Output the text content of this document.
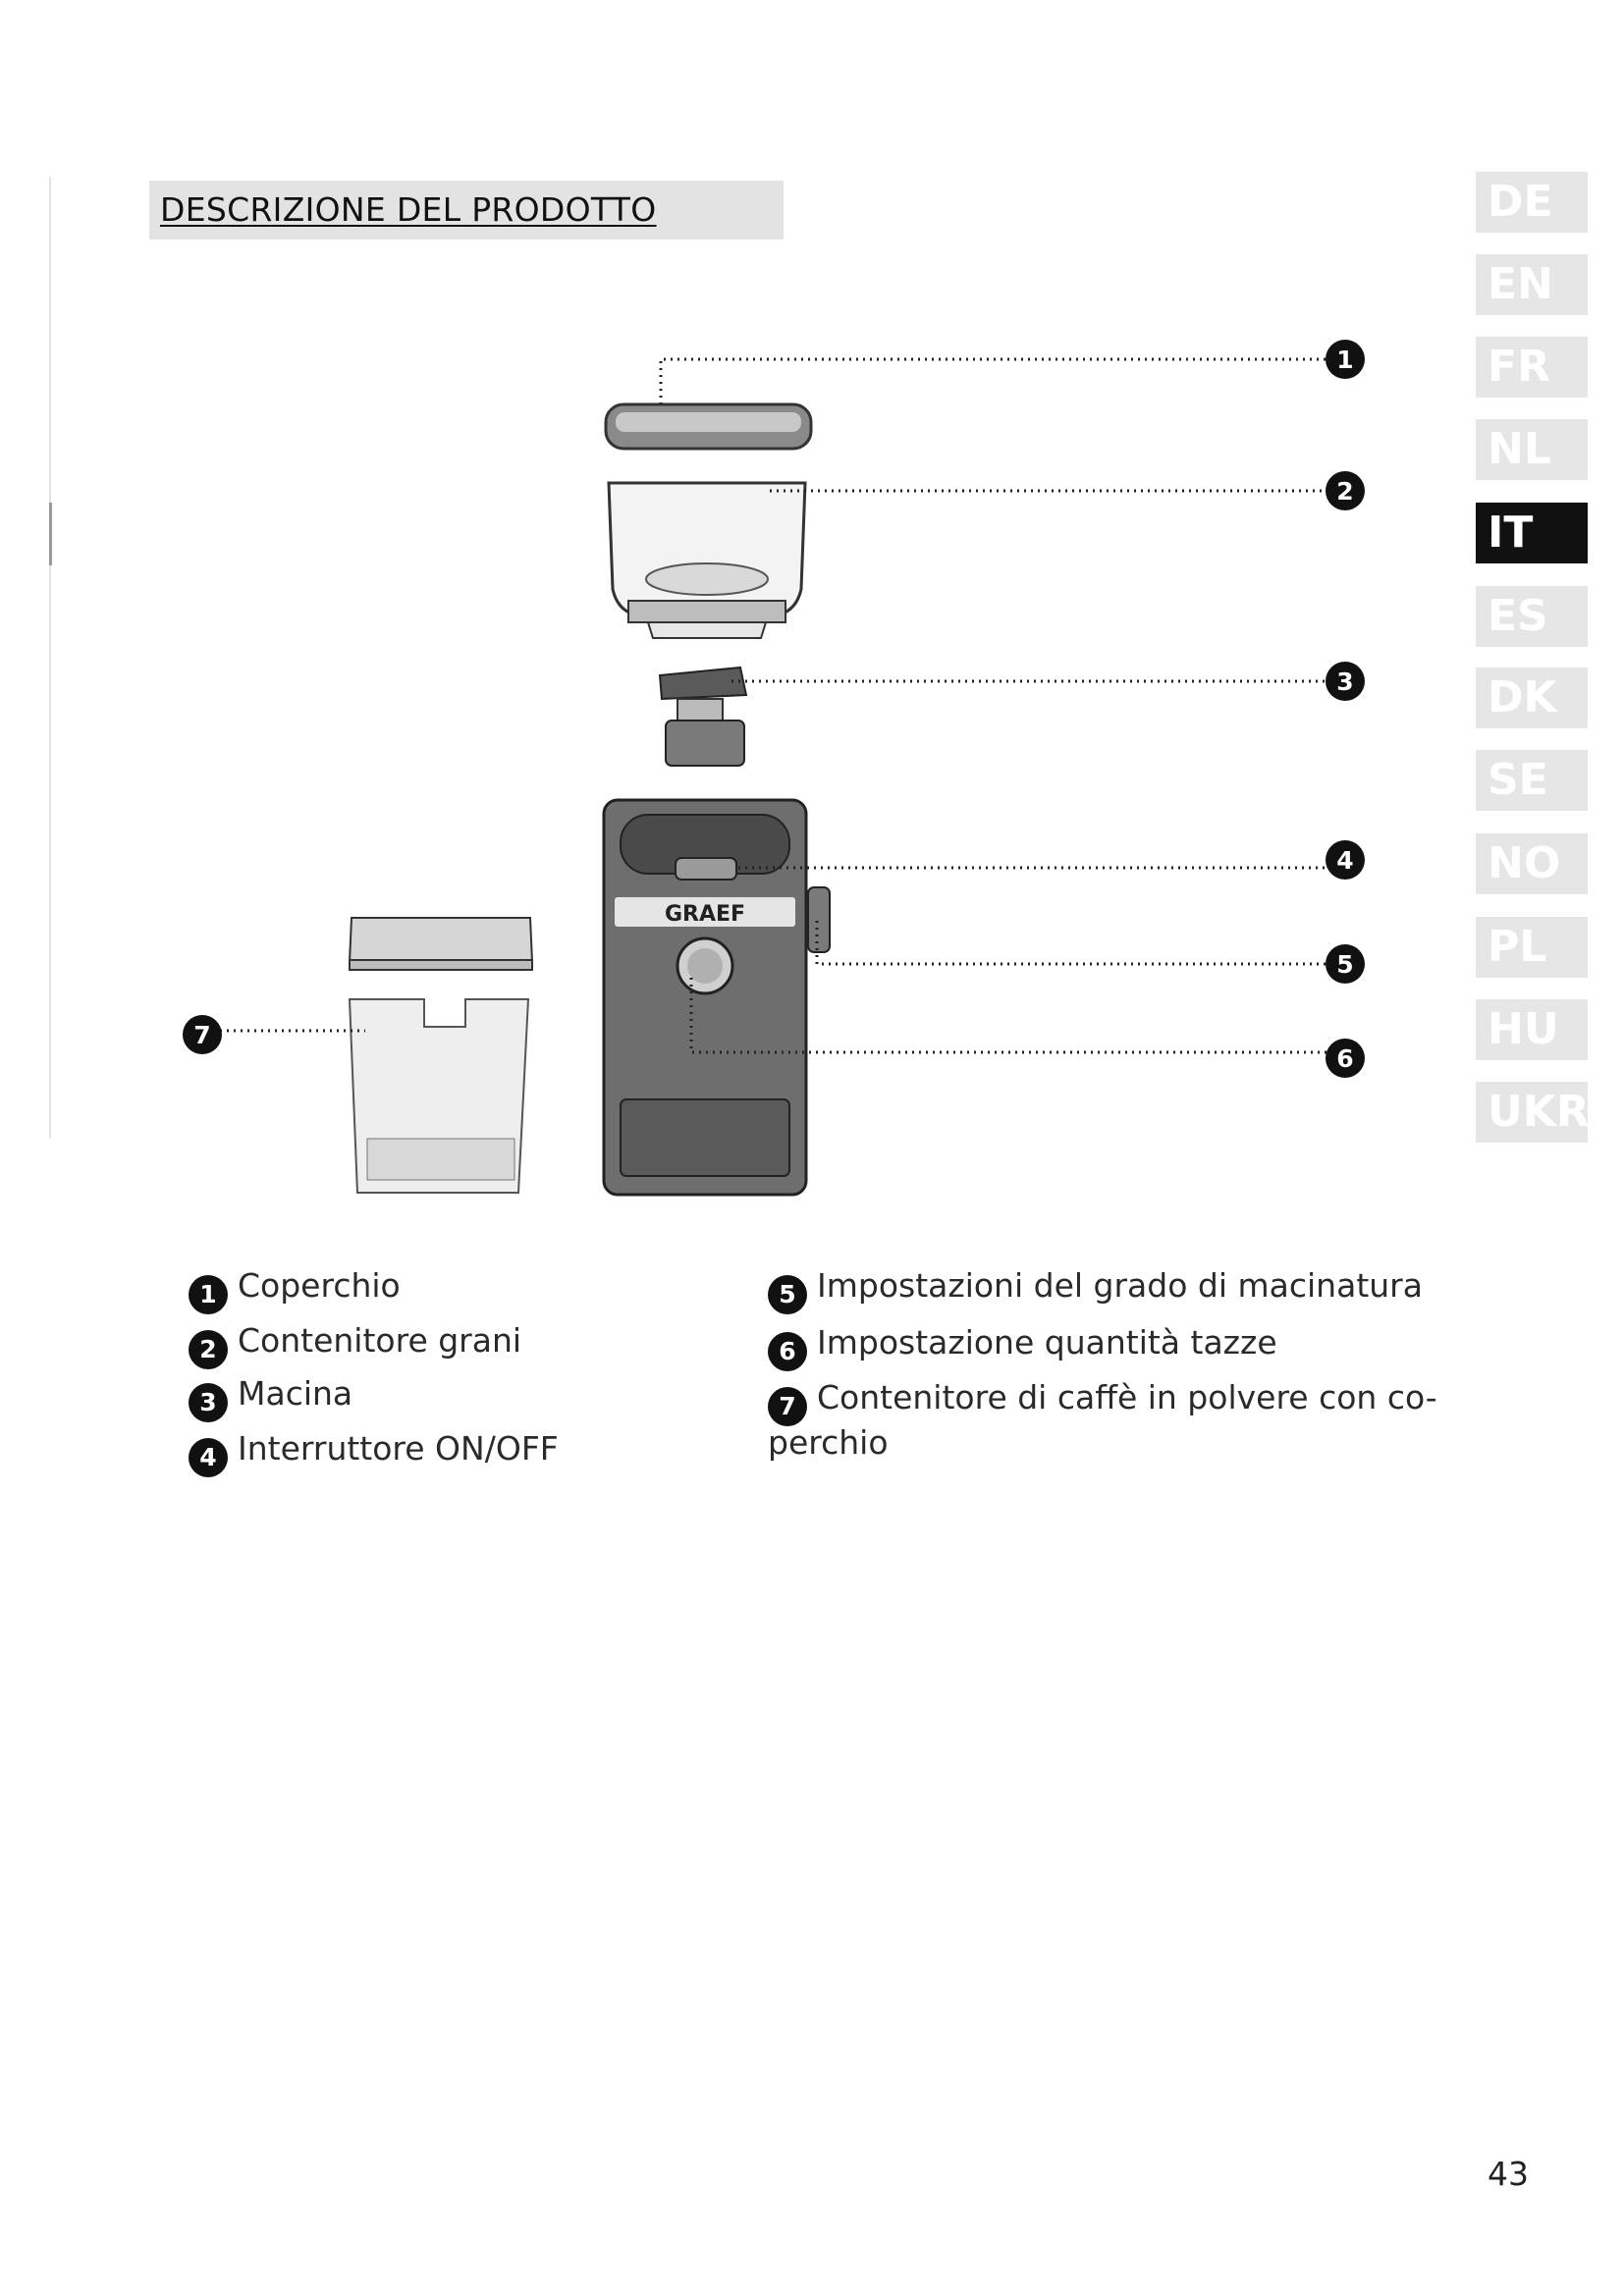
DESCRIZIONE DEL PRODOTTO	DE
EN
FR
NL
IT
ES
DK
SE
NO
PL
HU
UKR
GRAEF
1
2
3
4
5
6
7
1 Coperchio
2 Contenitore grani
3 Macina
4 Interruttore ON/OFF
5 Impostazioni del grado di macinatura
6 Impostazione quantità tazze
7 Contenitore di caffè in polvere con co-
perchio
43
